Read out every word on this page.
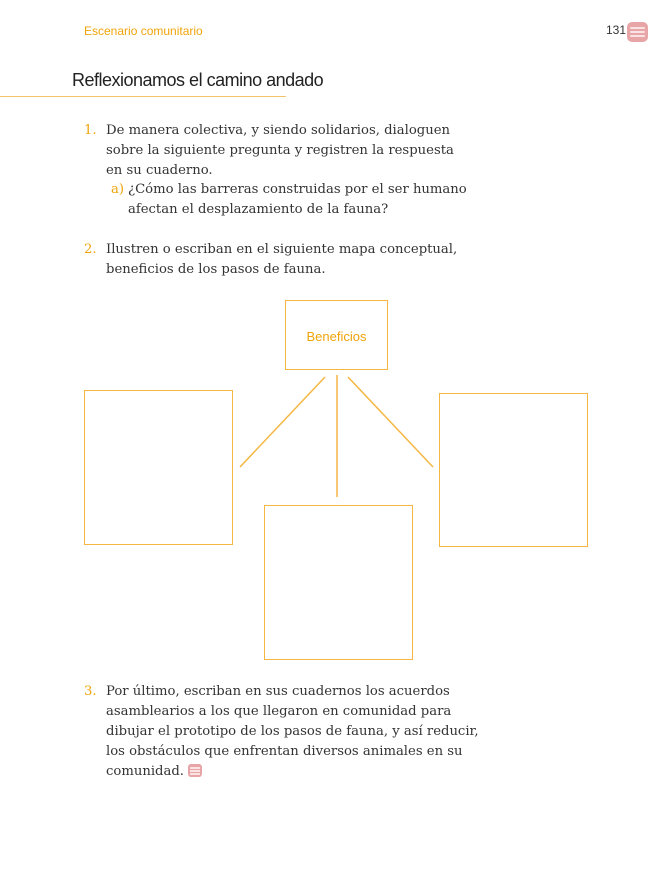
Escenario comunitario	131
Reflexionamos el camino andado
1. De manera colectiva, y siendo solidarios, dialoguen
sobre la siguiente pregunta y registren la respuesta
en su cuaderno.
a) ¿Cómo las barreras construidas por el ser humano
afectan el desplazamiento de la fauna?
2. Ilustren o escriban en el siguiente mapa conceptual,
beneficios de los pasos de fauna.
Beneficios
3. Por último, escriban en sus cuadernos los acuerdos
asamblearios a los que llegaron en comunidad para
dibujar el prototipo de los pasos de fauna, y así reducir,
los obstáculos que enfrentan diversos animales en su
comunidad.
